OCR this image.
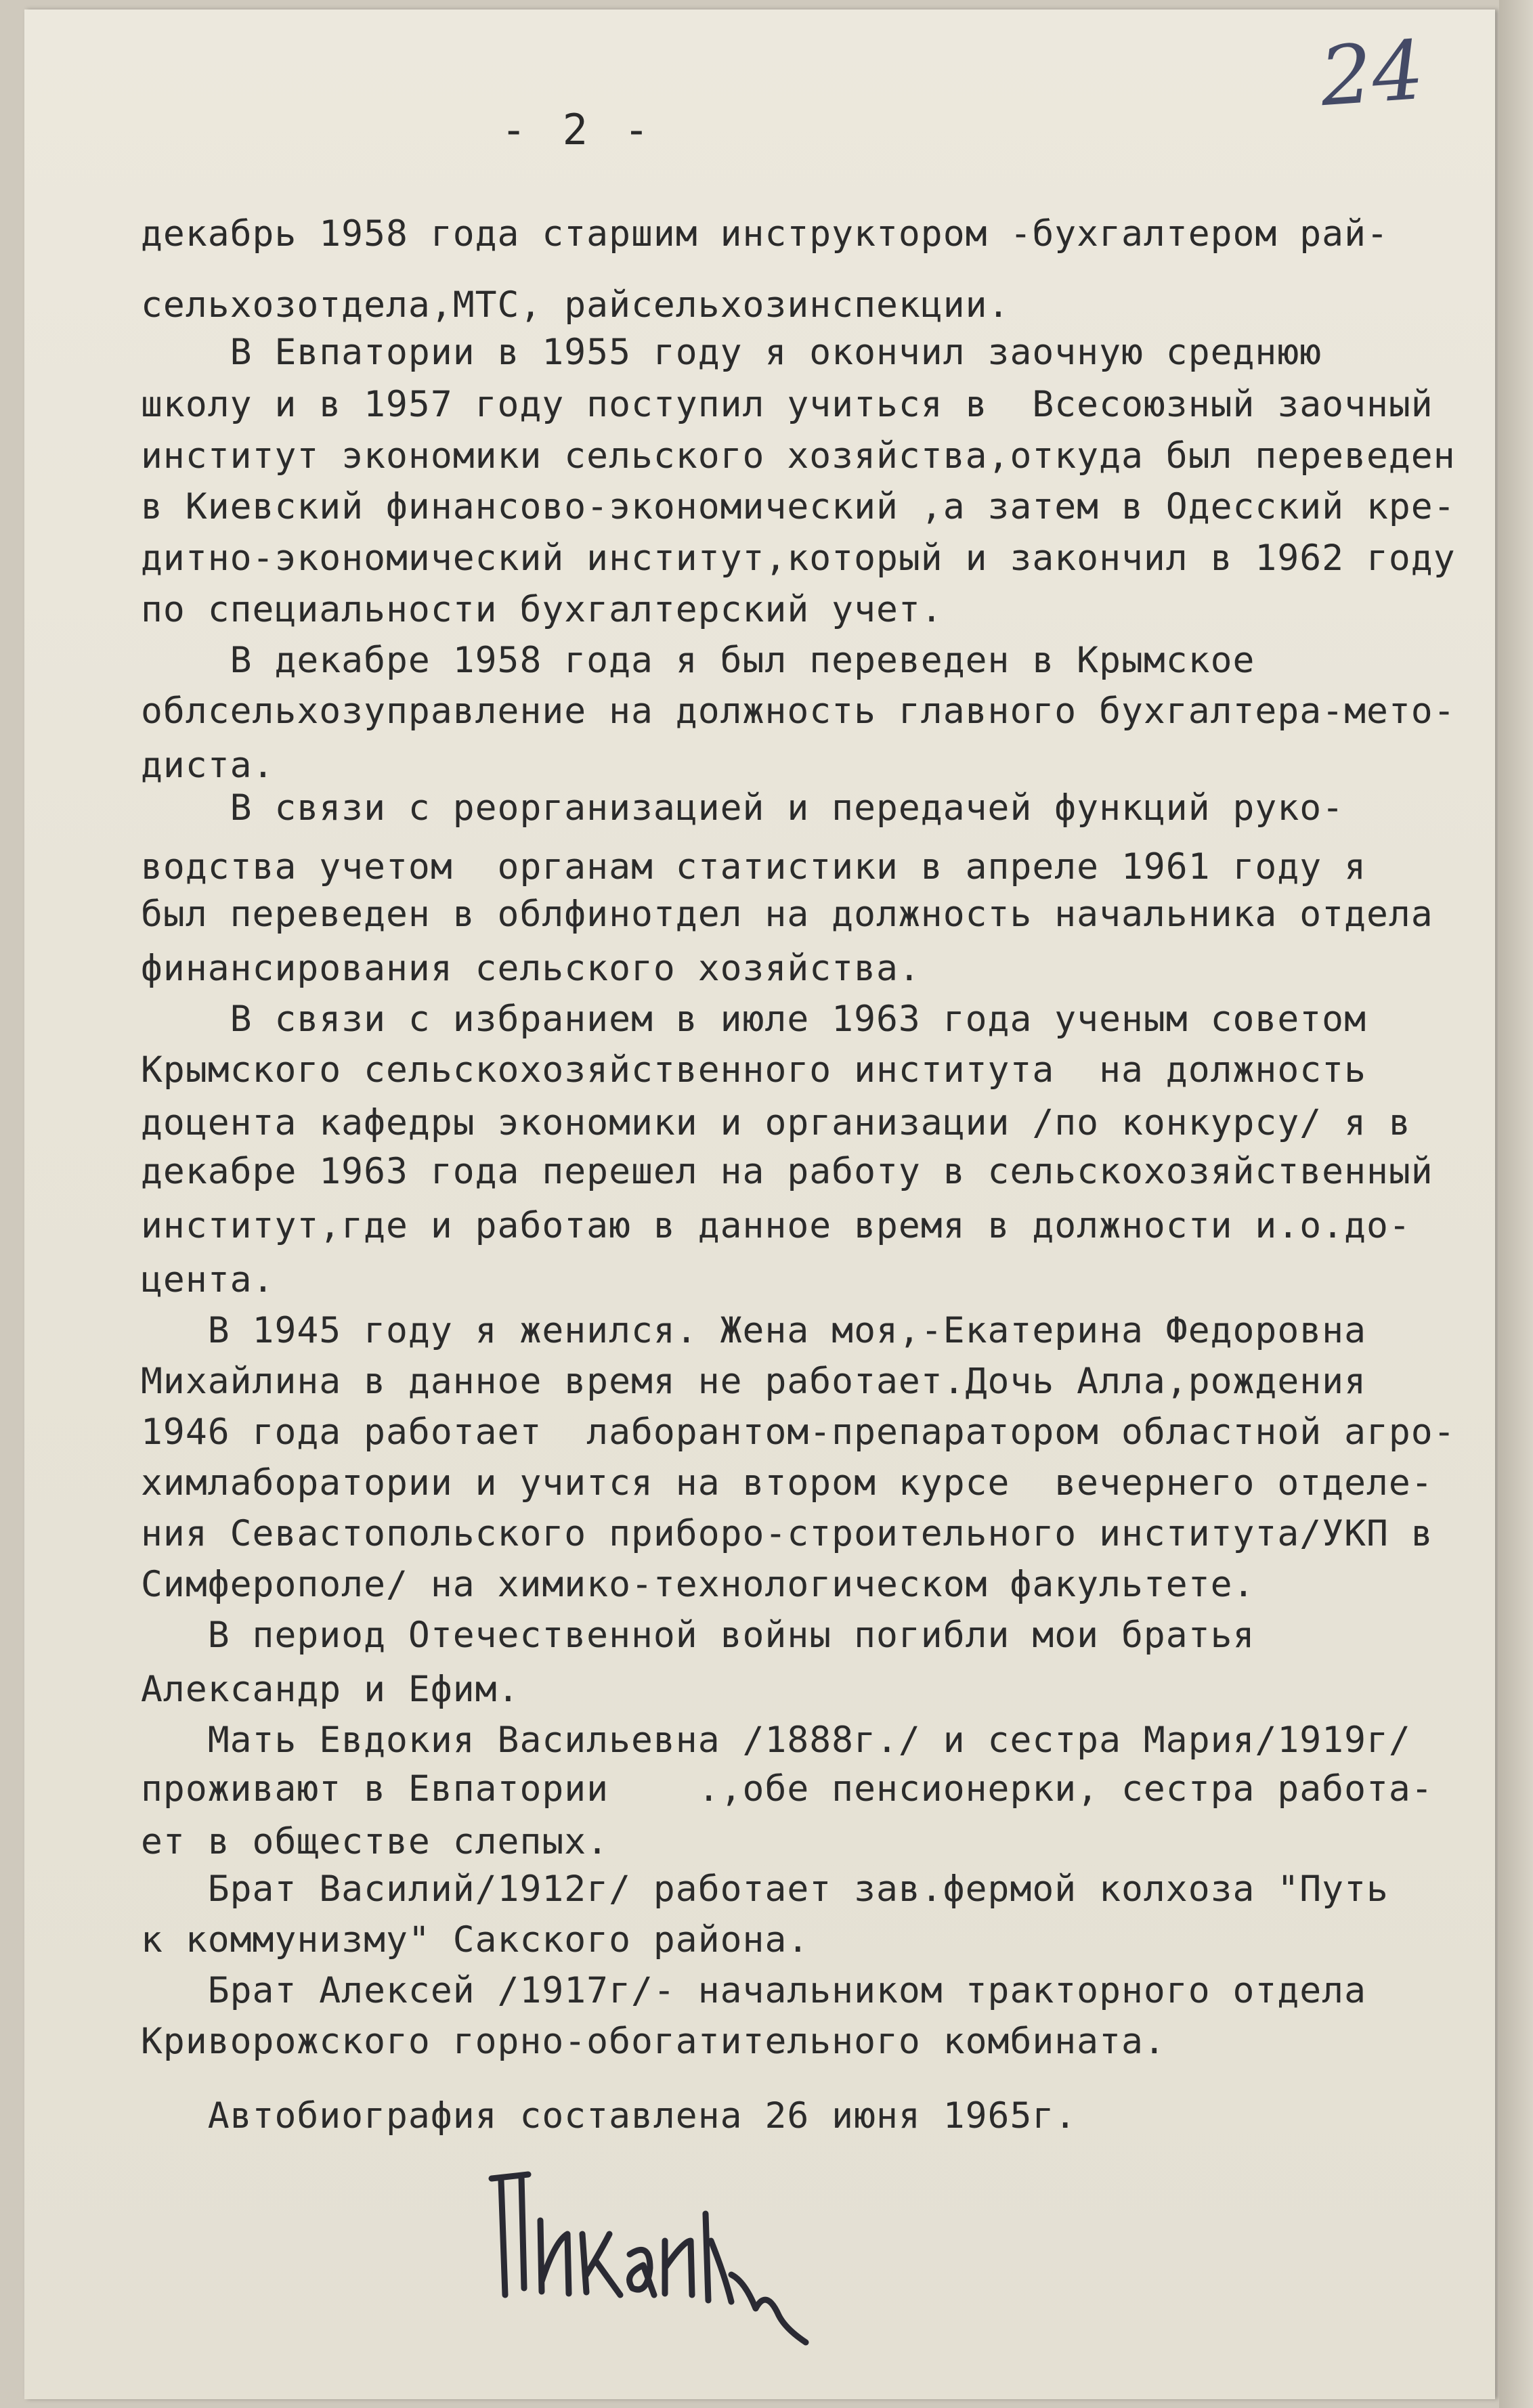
24
- 2 -
декабрь 1958 года старшим инструктором -бухгалтером рай-
сельхозотдела,МТС, райсельхозинспекции.
В Евпатории в 1955 году я окончил заочную среднюю
школу и в 1957 году поступил учиться в  Всесоюзный заочный
институт экономики сельского хозяйства,откуда был переведен
в Киевский финансово-экономический ,а затем в Одесский кре-
дитно-экономический институт,который и закончил в 1962 году
по специальности бухгалтерский учет.
В декабре 1958 года я был переведен в Крымское
облсельхозуправление на должность главного бухгалтера-мето-
диста.
В связи с реорганизацией и передачей функций руко-
водства учетом  органам статистики в апреле 1961 году я
был переведен в облфинотдел на должность начальника отдела
финансирования сельского хозяйства.
В связи с избранием в июле 1963 года ученым советом
Крымского сельскохозяйственного института  на должность
доцента кафедры экономики и организации /по конкурсу/ я в
декабре 1963 года перешел на работу в сельскохозяйственный
институт,где и работаю в данное время в должности и.о.до-
цента.
В 1945 году я женился. Жена моя,-Екатерина Федоровна
Михайлина в данное время не работает.Дочь Алла,рождения
1946 года работает  лаборантом-препаратором областной агро-
химлаборатории и учится на втором курсе  вечернего отделе-
ния Севастопольского приборо-строительного института/УКП в
Симферополе/ на химико-технологическом факультете.
В период Отечественной войны погибли мои братья
Александр и Ефим.
Мать Евдокия Васильевна /1888г./ и сестра Мария/1919г/
проживают в Евпатории    .,обе пенсионерки, сестра работа-
ет в обществе слепых.
Брат Василий/1912г/ работает зав.фермой колхоза "Путь
к коммунизму" Сакского района.
Брат Алексей /1917г/- начальником тракторного отдела
Криворожского горно-обогатительного комбината.
Автобиография составлена 26 июня 1965г.
